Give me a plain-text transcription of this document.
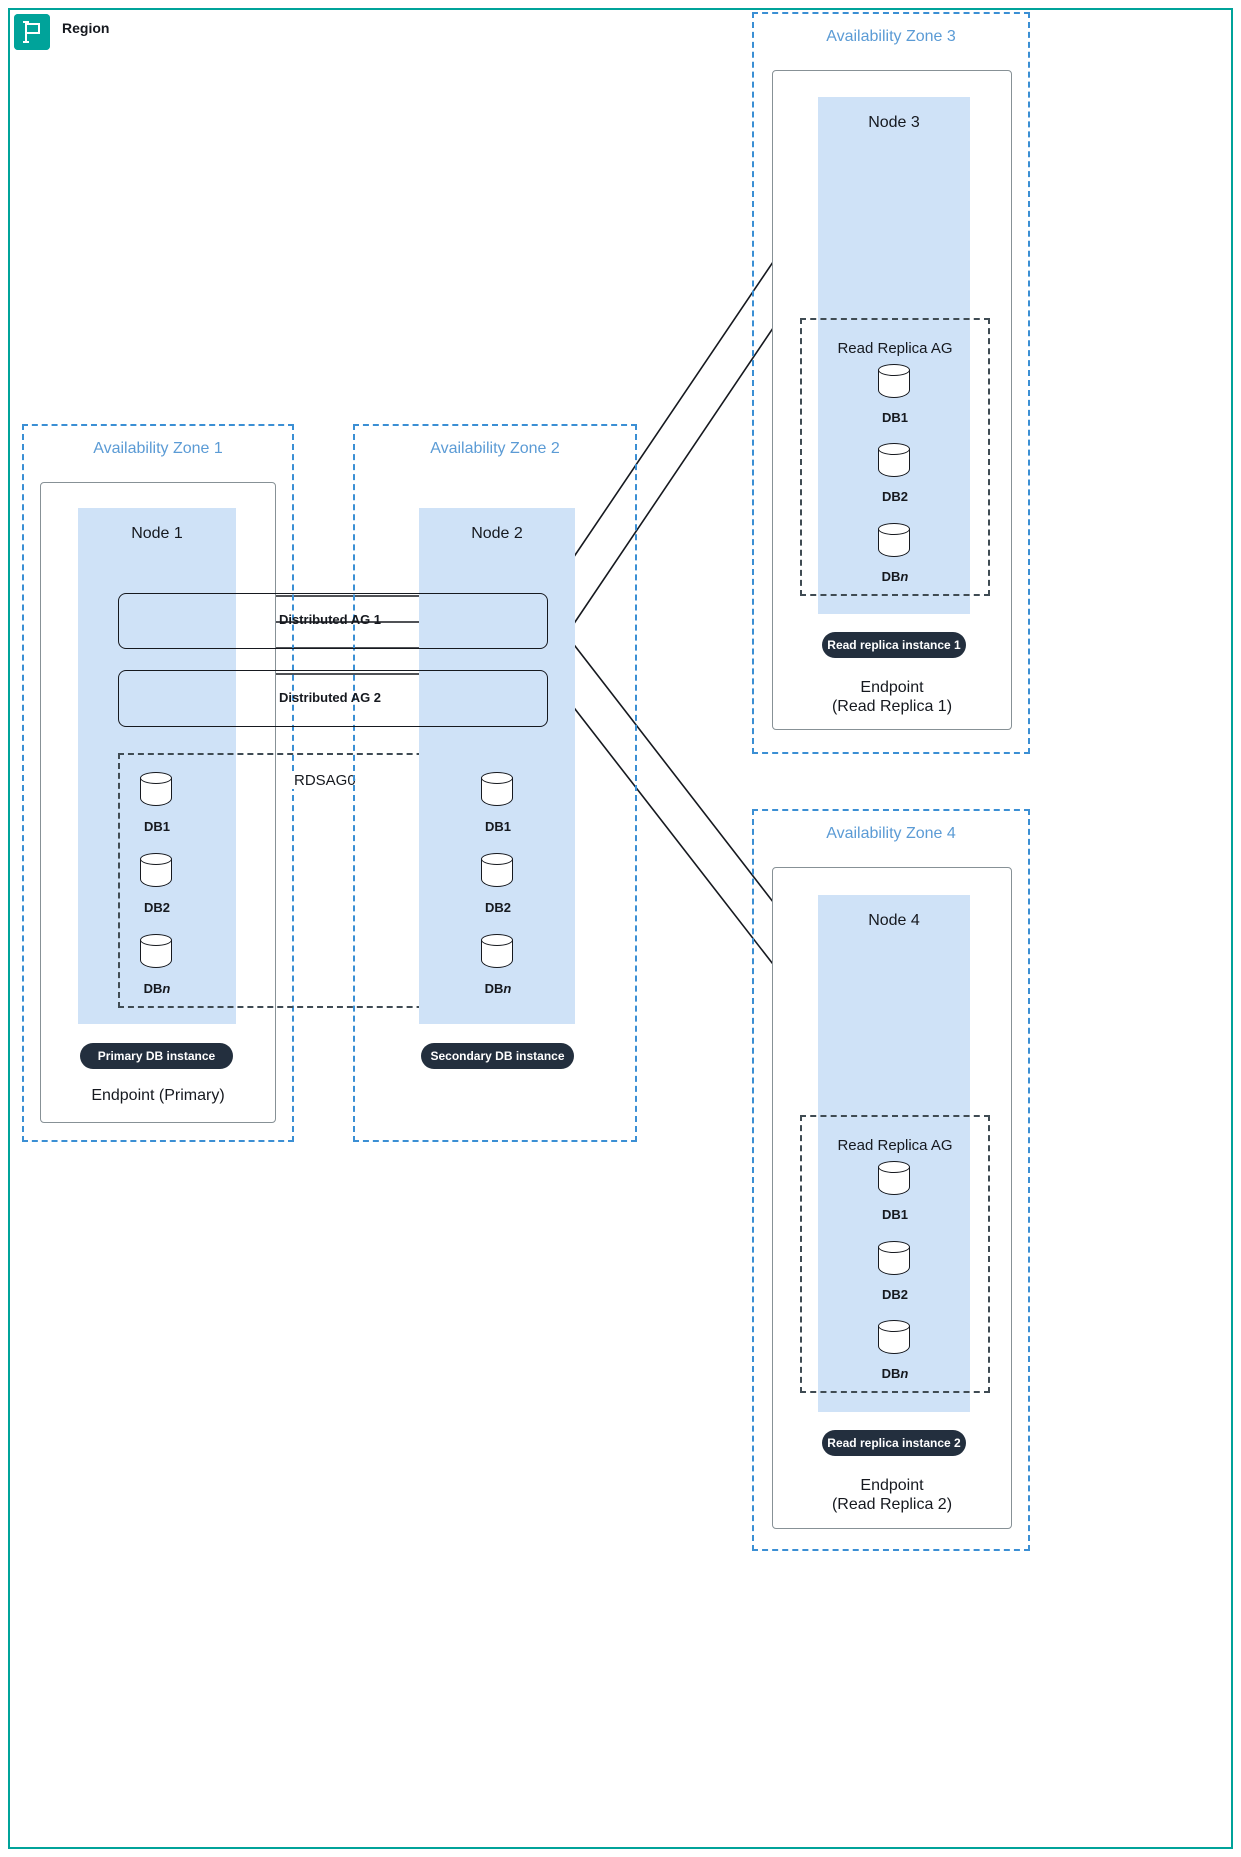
Region
Availability Zone 1
Node 1
RDSAG0
DB1
DB2
DBn
Primary DB instance
Endpoint (Primary)
Availability Zone 2
Node 2
DB1
DB2
DBn
Secondary DB instance
Distributed AG 1
Distributed AG 2
Availability Zone 3
Node 3
Read Replica AG
DB1
DB2
DBn
Read replica instance 1
Endpoint
(Read Replica 1)
Availability Zone 4
Node 4
Read Replica AG
DB1
DB2
DBn
Read replica instance 2
Endpoint
(Read Replica 2)
